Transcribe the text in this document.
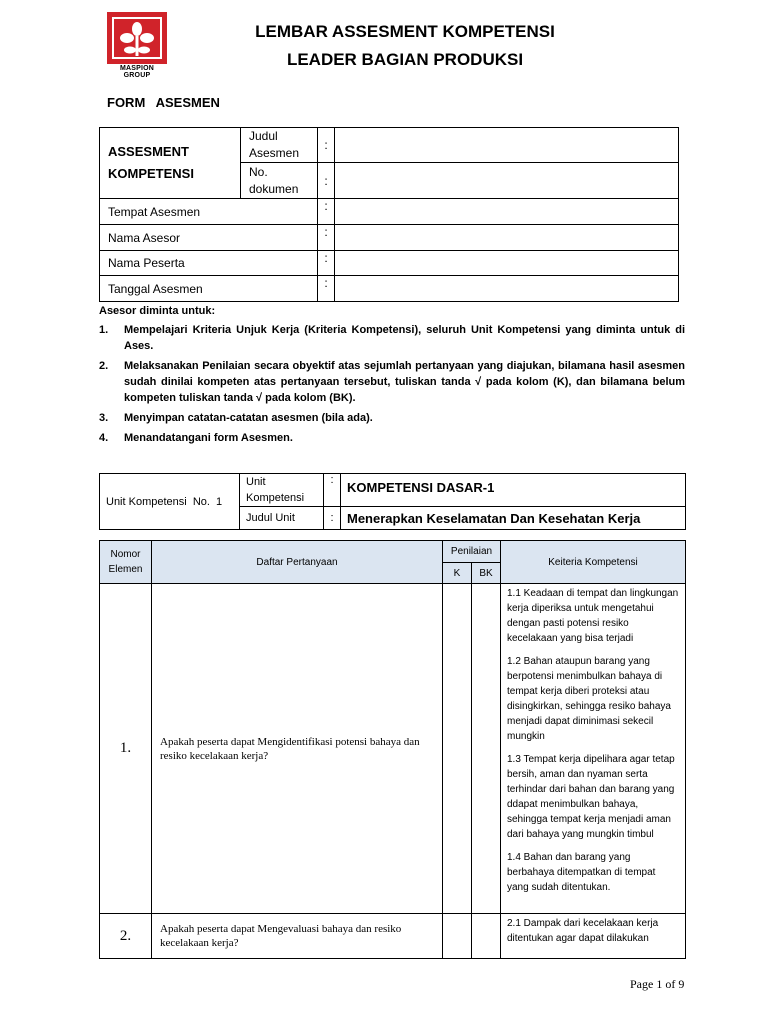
MASPION GROUP
LEMBAR ASSESMENT KOMPETENSI
LEADER BAGIAN PRODUKSI
FORM   ASESMEN
ASSESMENT KOMPETENSI	Judul Asesmen	:	
	No. dokumen	:	
Tempat Asesmen		:	
Nama Asesor		:	
Nama Peserta		:	
Tanggal Asesmen		:	
Asesor diminta untuk:
1.	Mempelajari Kriteria Unjuk Kerja (Kriteria Kompetensi), seluruh Unit Kompetensi yang diminta untuk di Ases.
2.	Melaksanakan Penilaian secara obyektif atas sejumlah pertanyaan yang diajukan, bilamana hasil asesmen sudah dinilai kompeten atas pertanyaan tersebut, tuliskan tanda √ pada kolom (K), dan bilamana belum kompeten tuliskan tanda √ pada kolom (BK).
3.	Menyimpan catatan-catatan asesmen (bila ada).
4.	Menandatangani form Asesmen.
Unit Kompetensi  No.  1	Unit Kompetensi	:	KOMPETENSI DASAR-1
	Judul Unit	:	Menerapkan Keselamatan Dan Kesehatan Kerja
Nomor Elemen	Daftar Pertanyaan	Penilaian		Keiteria Kompetensi
		K	BK	
1.	Apakah peserta dapat Mengidentifikasi potensi bahaya dan resiko kecelakaan kerja?			1.1 Keadaan di tempat dan lingkungan kerja diperiksa untuk mengetahui dengan pasti potensi resiko kecelakaan yang bisa terjadi

1.2 Bahan ataupun barang yang berpotensi menimbulkan bahaya di tempat kerja diberi proteksi atau disingkirkan, sehingga resiko bahaya menjadi dapat diminimasi sekecil mungkin

1.3 Tempat kerja dipelihara agar tetap bersih, aman dan nyaman serta terhindar dari bahan dan barang yang ddapat menimbulkan bahaya, sehingga tempat kerja menjadi aman dari bahaya yang mungkin timbul

1.4 Bahan dan barang yang berbahaya ditempatkan di tempat yang sudah ditentukan.

2.	Apakah peserta dapat Mengevaluasi bahaya dan resiko kecelakaan kerja?			2.1 Dampak dari kecelakaan kerja ditentukan agar dapat dilakukan

Page 1 of 9
